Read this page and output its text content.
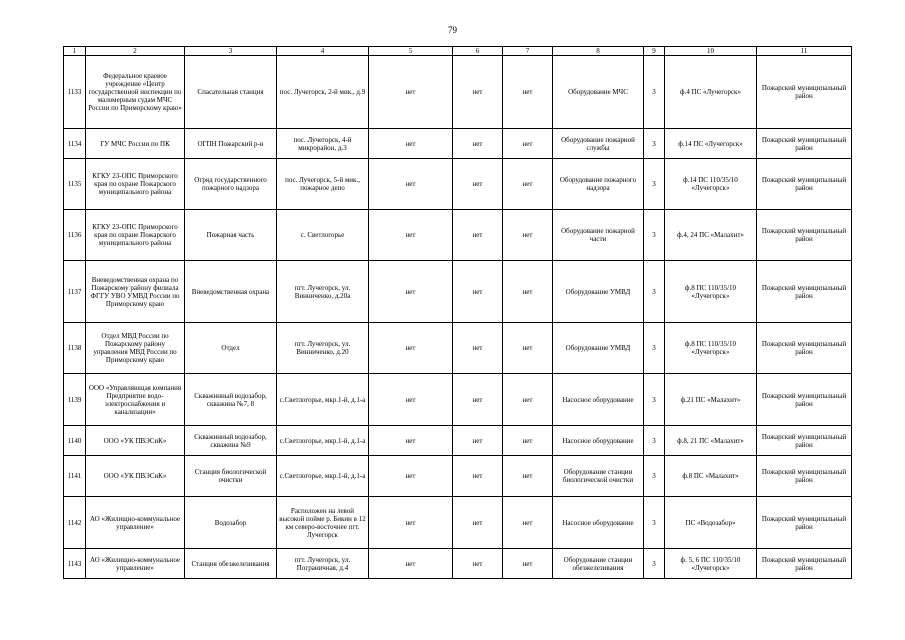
79
1	2	3	4	5	6	7	8	9	10	11
1133	Федеральное краевое учреждение «Центр государственной инспекции по маломерным судам МЧС России по Приморскому краю»	Спасательная станция	пос. Лучегорск, 2-й мик., д.9	нет	нет	нет	Оборудование МЧС	3	ф.4 ПС «Лучегорск»	Пожарский муниципальный район
1134	ГУ МЧС России по ПК	ОГПН Пожарский р-н	пос. Лучегорск, 4-й микрорайон, д.3	нет	нет	нет	Оборудование пожарной службы	3	ф.14 ПС «Лучегорск»	Пожарский муниципальный район
1135	КГКУ 23-ОПС Приморского края по охране Пожарского муниципального района	Отряд государственного пожарного надзора	пос. Лучегорск, 5-й мик., пожарное депо	нет	нет	нет	Оборудование пожарного надзора	3	ф.14 ПС 110/35/10 «Лучегорск»	Пожарский муниципальный район
1136	КГКУ 23-ОПС Приморского края по охране Пожарского муниципального района	Пожарная часть	с. Светлогорье	нет	нет	нет	Оборудование пожарной части	3	ф.4, 24 ПС «Малахит»	Пожарский муниципальный район
1137	Вневедомственная охрана по Пожарскому району филиала ФГГУ УВО УМВД России по Приморскому краю	Вневедомственная охрана	пгт. Лучегорск, ул. Винниченко, д.20а	нет	нет	нет	Оборудование УМВД	3	ф.8 ПС 110/35/10 «Лучегорск»	Пожарский муниципальный район
1138	Отдел МВД России по Пожарскому району управления МВД России по Приморскому краю	Отдел	пгт. Лучегорск, ул. Винниченко, д.20	нет	нет	нет	Оборудование УМВД	3	ф.8 ПС 110/35/10 «Лучегорск»	Пожарский муниципальный район
1139	ООО «Управляющая компания Предприятие водо-электроснабжения и канализации»	Скважинный водозабор, скважина №7, 8	с.Светлогорье, мкр.1-й, д.1-а	нет	нет	нет	Насосное оборудование	3	ф.21 ПС «Малахит»	Пожарский муниципальный район
1140	ООО «УК ПВЭСиК»	Скважинный водозабор, скважина №9	с.Светлогорье, мкр.1-й, д.1-а	нет	нет	нет	Насосное оборудование	3	ф.8, 21 ПС «Малахит»	Пожарский муниципальный район
1141	ООО «УК ПВЭСиК»	Станция биологической очистки	с.Светлогорье, мкр.1-й, д.1-а	нет	нет	нет	Оборудование станции биологической очистки	3	ф.8 ПС «Малахит»	Пожарский муниципальный район
1142	АО «Жилищно-коммунальное управление»	Водозабор	Расположен на левой высокой пойме р. Бикин в 12 км северо-восточнее пгт. Лучегорск	нет	нет	нет	Насосное оборудование	3	ПС «Водозабор»	Пожарский муниципальный район
1143	АО «Жилищно-коммунальное управление»	Станция обезжелезивания	пгт. Лучегорск, ул. Пограничная, д.4	нет	нет	нет	Оборудование станции обезжелезивания	3	ф. 5, 6 ПС 110/35/10 «Лучегорск»	Пожарский муниципальный район
